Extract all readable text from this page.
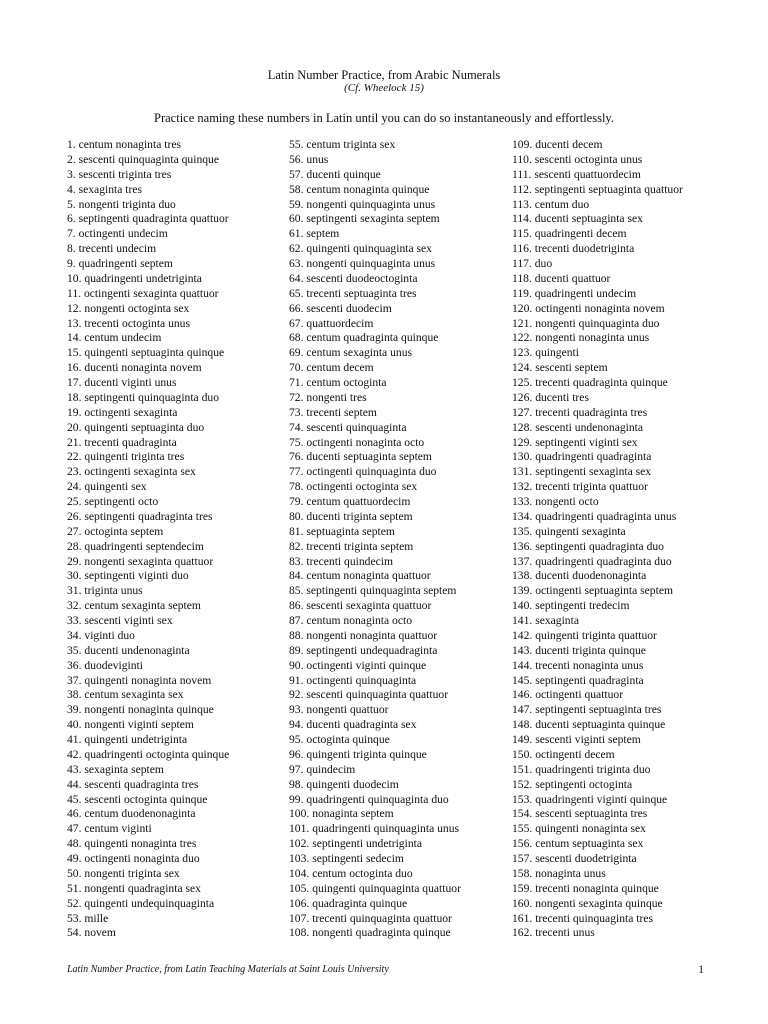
Latin Number Practice, from Arabic Numerals
(Cf. Wheelock 15)
Practice naming these numbers in Latin until you can do so instantaneously and effortlessly.
1. centum nonaginta tres
2. sescenti quinquaginta quinque
3. sescenti triginta tres
4. sexaginta tres
5. nongenti triginta duo
6. septingenti quadraginta quattuor
7. octingenti undecim
8. trecenti undecim
9. quadringenti septem
10. quadringenti undetriginta
11. octingenti sexaginta quattuor
12. nongenti octoginta sex
13. trecenti octoginta unus
14. centum undecim
15. quingenti septuaginta quinque
16. ducenti nonaginta novem
17. ducenti viginti unus
18. septingenti quinquaginta duo
19. octingenti sexaginta
20. quingenti septuaginta duo
21. trecenti quadraginta
22. quingenti triginta tres
23. octingenti sexaginta sex
24. quingenti sex
25. septingenti octo
26. septingenti quadraginta tres
27. octoginta septem
28. quadringenti septendecim
29. nongenti sexaginta quattuor
30. septingenti viginti duo
31. triginta unus
32. centum sexaginta septem
33. sescenti viginti sex
34. viginti duo
35. ducenti undenonaginta
36. duodeviginti
37. quingenti nonaginta novem
38. centum sexaginta sex
39. nongenti nonaginta quinque
40. nongenti viginti septem
41. quingenti undetriginta
42. quadringenti octoginta quinque
43. sexaginta septem
44. sescenti quadraginta tres
45. sescenti octoginta quinque
46. centum duodenonaginta
47. centum viginti
48. quingenti nonaginta tres
49. octingenti nonaginta duo
50. nongenti triginta sex
51. nongenti quadraginta sex
52. quingenti undequinquaginta
53. mille
54. novem
55. centum triginta sex
56. unus
57. ducenti quinque
58. centum nonaginta quinque
59. nongenti quinquaginta unus
60. septingenti sexaginta septem
61. septem
62. quingenti quinquaginta sex
63. nongenti quinquaginta unus
64. sescenti duodeoctoginta
65. trecenti septuaginta tres
66. sescenti duodecim
67. quattuordecim
68. centum quadraginta quinque
69. centum sexaginta unus
70. centum decem
71. centum octoginta
72. nongenti tres
73. trecenti septem
74. sescenti quinquaginta
75. octingenti nonaginta octo
76. ducenti septuaginta septem
77. octingenti quinquaginta duo
78. octingenti octoginta sex
79. centum quattuordecim
80. ducenti triginta septem
81. septuaginta septem
82. trecenti triginta septem
83. trecenti quindecim
84. centum nonaginta quattuor
85. septingenti quinquaginta septem
86. sescenti sexaginta quattuor
87. centum nonaginta octo
88. nongenti nonaginta quattuor
89. septingenti undequadraginta
90. octingenti viginti quinque
91. octingenti quinquaginta
92. sescenti quinquaginta quattuor
93. nongenti quattuor
94. ducenti quadraginta sex
95. octoginta quinque
96. quingenti triginta quinque
97. quindecim
98. quingenti duodecim
99. quadringenti quinquaginta duo
100. nonaginta septem
101. quadringenti quinquaginta unus
102. septingenti undetriginta
103. septingenti sedecim
104. centum octoginta duo
105. quingenti quinquaginta quattuor
106. quadraginta quinque
107. trecenti quinquaginta quattuor
108. nongenti quadraginta quinque
109. ducenti decem
110. sescenti octoginta unus
111. sescenti quattuordecim
112. septingenti septuaginta quattuor
113. centum duo
114. ducenti septuaginta sex
115. quadringenti decem
116. trecenti duodetriginta
117. duo
118. ducenti quattuor
119. quadringenti undecim
120. octingenti nonaginta novem
121. nongenti quinquaginta duo
122. nongenti nonaginta unus
123. quingenti
124. sescenti septem
125. trecenti quadraginta quinque
126. ducenti tres
127. trecenti quadraginta tres
128. sescenti undenonaginta
129. septingenti viginti sex
130. quadringenti quadraginta
131. septingenti sexaginta sex
132. trecenti triginta quattuor
133. nongenti octo
134. quadringenti quadraginta unus
135. quingenti sexaginta
136. septingenti quadraginta duo
137. quadringenti quadraginta duo
138. ducenti duodenonaginta
139. octingenti septuaginta septem
140. septingenti tredecim
141. sexaginta
142. quingenti triginta quattuor
143. ducenti triginta quinque
144. trecenti nonaginta unus
145. septingenti quadraginta
146. octingenti quattuor
147. septingenti septuaginta tres
148. ducenti septuaginta quinque
149. sescenti viginti septem
150. octingenti decem
151. quadringenti triginta duo
152. septingenti octoginta
153. quadringenti viginti quinque
154. sescenti septuaginta tres
155. quingenti nonaginta sex
156. centum septuaginta sex
157. sescenti duodetriginta
158. nonaginta unus
159. trecenti nonaginta quinque
160. nongenti sexaginta quinque
161. trecenti quinquaginta tres
162. trecenti unus
Latin Number Practice, from Latin Teaching Materials at Saint Louis University	1
